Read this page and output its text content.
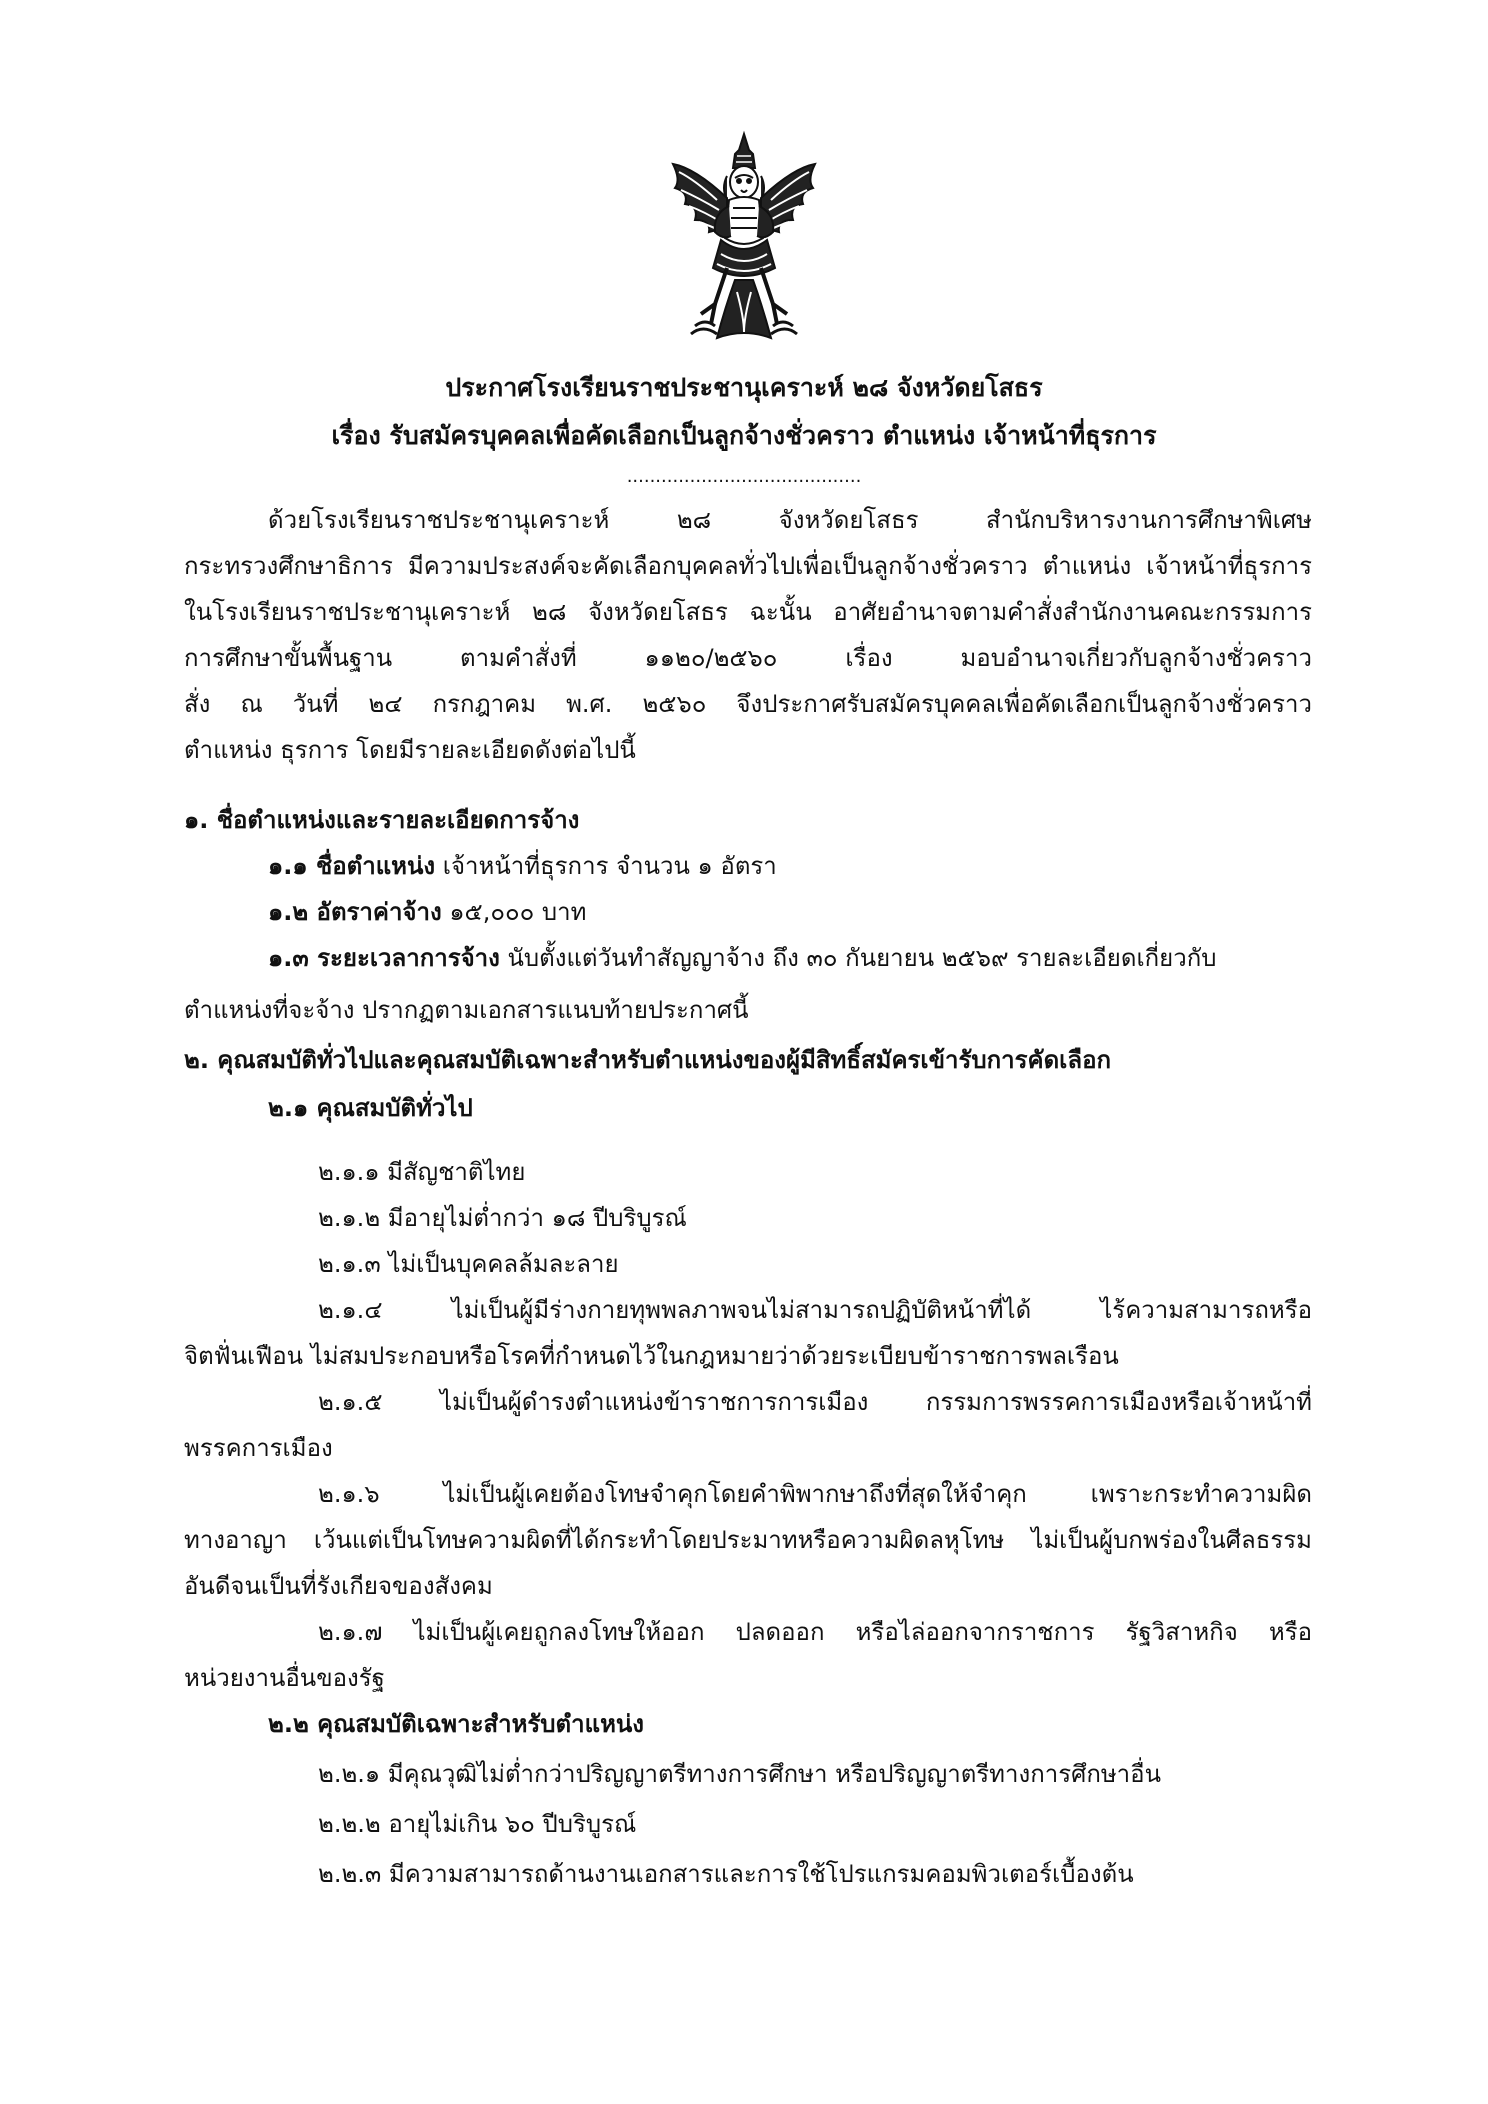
ประกาศโรงเรียนราชประชานุเคราะห์ ๒๘ จังหวัดยโสธร
เรื่อง รับสมัครบุคคลเพื่อคัดเลือกเป็นลูกจ้างชั่วคราว ตำแหน่ง เจ้าหน้าที่ธุรการ
.........................................
ด้วยโรงเรียนราชประชานุเคราะห์ ๒๘ จังหวัดยโสธร สำนักบริหารงานการศึกษาพิเศษ
กระทรวงศึกษาธิการ มีความประสงค์จะคัดเลือกบุคคลทั่วไปเพื่อเป็นลูกจ้างชั่วคราว ตำแหน่ง เจ้าหน้าที่ธุรการ
ในโรงเรียนราชประชานุเคราะห์ ๒๘ จังหวัดยโสธร ฉะนั้น อาศัยอำนาจตามคำสั่งสำนักงานคณะกรรมการ
การศึกษาขั้นพื้นฐาน ตามคำสั่งที่ ๑๑๒๐/๒๕๖๐ เรื่อง มอบอำนาจเกี่ยวกับลูกจ้างชั่วคราว
สั่ง ณ วันที่ ๒๔ กรกฎาคม พ.ศ. ๒๕๖๐ จึงประกาศรับสมัครบุคคลเพื่อคัดเลือกเป็นลูกจ้างชั่วคราว
ตำแหน่ง ธุรการ โดยมีรายละเอียดดังต่อไปนี้
๑. ชื่อตำแหน่งและรายละเอียดการจ้าง
๑.๑ ชื่อตำแหน่ง เจ้าหน้าที่ธุรการ จำนวน ๑ อัตรา
๑.๒ อัตราค่าจ้าง ๑๕,๐๐๐ บาท
๑.๓ ระยะเวลาการจ้าง นับตั้งแต่วันทำสัญญาจ้าง ถึง ๓๐ กันยายน ๒๕๖๙ รายละเอียดเกี่ยวกับ
ตำแหน่งที่จะจ้าง ปรากฏตามเอกสารแนบท้ายประกาศนี้
๒. คุณสมบัติทั่วไปและคุณสมบัติเฉพาะสำหรับตำแหน่งของผู้มีสิทธิ์สมัครเข้ารับการคัดเลือก
๒.๑ คุณสมบัติทั่วไป
๒.๑.๑ มีสัญชาติไทย
๒.๑.๒ มีอายุไม่ต่ำกว่า ๑๘ ปีบริบูรณ์
๒.๑.๓ ไม่เป็นบุคคลล้มละลาย
๒.๑.๔ ไม่เป็นผู้มีร่างกายทุพพลภาพจนไม่สามารถปฏิบัติหน้าที่ได้ ไร้ความสามารถหรือ
จิตฟั่นเฟือน ไม่สมประกอบหรือโรคที่กำหนดไว้ในกฎหมายว่าด้วยระเบียบข้าราชการพลเรือน
๒.๑.๕ ไม่เป็นผู้ดำรงตำแหน่งข้าราชการการเมือง กรรมการพรรคการเมืองหรือเจ้าหน้าที่
พรรคการเมือง
๒.๑.๖ ไม่เป็นผู้เคยต้องโทษจำคุกโดยคำพิพากษาถึงที่สุดให้จำคุก เพราะกระทำความผิด
ทางอาญา เว้นแต่เป็นโทษความผิดที่ได้กระทำโดยประมาทหรือความผิดลหุโทษ ไม่เป็นผู้บกพร่องในศีลธรรม
อันดีจนเป็นที่รังเกียจของสังคม
๒.๑.๗ ไม่เป็นผู้เคยถูกลงโทษให้ออก ปลดออก หรือไล่ออกจากราชการ รัฐวิสาหกิจ หรือ
หน่วยงานอื่นของรัฐ
๒.๒ คุณสมบัติเฉพาะสำหรับตำแหน่ง
๒.๒.๑ มีคุณวุฒิไม่ต่ำกว่าปริญญาตรีทางการศึกษา หรือปริญญาตรีทางการศึกษาอื่น
๒.๒.๒ อายุไม่เกิน ๖๐ ปีบริบูรณ์
๒.๒.๓ มีความสามารถด้านงานเอกสารและการใช้โปรแกรมคอมพิวเตอร์เบื้องต้น
